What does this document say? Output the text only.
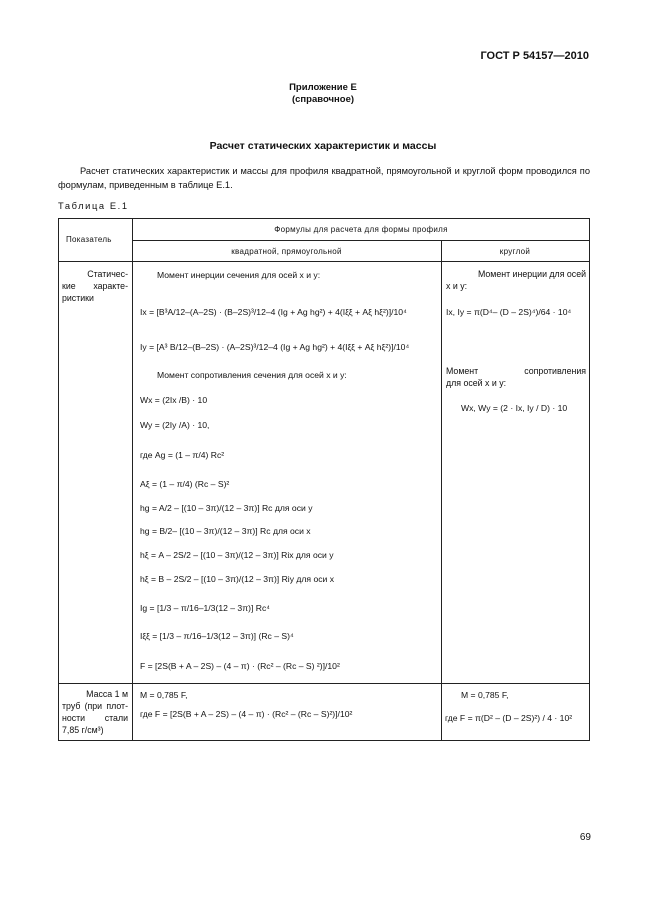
ГОСТ Р 54157—2010
Приложение Е
(справочное)
Расчет статических характеристик и массы
Расчет статических характеристик и массы для профиля квадратной, прямоугольной и круглой форм проводился по формулам, приведенным в таблице Е.1.
Таблица Е.1
Показатель
Формулы для расчета для формы профиля
квадратной, прямоугольной	круглой
Статичес-
кие характе-
ристики
Момент инерции сечения для осей x и y:
Ix = [B³A/12–(A–2S) · (B–2S)³/12–4 (Ig + Ag hg²) + 4(Iξξ + Aξ hξ²)]/10⁴
Iy = [A³ B/12–(B–2S) · (A–2S)³/12–4 (Ig + Ag hg²) + 4(Iξξ + Aξ hξ²)]/10⁴
Момент сопротивления сечения для осей x и y:
Wx = (2Ix /B) · 10
Wy = (2Iy /A) · 10,
где Ag = (1 – π/4) Rc²
Aξ = (1 – π/4) (Rc – S)²
hg = A/2 – [(10 – 3π)/(12 – 3π)] Rc для оси y
hg = B/2– [(10 – 3π)/(12 – 3π)] Rc для оси x
hξ = A – 2S/2 – [(10 – 3π)/(12 – 3π)] Rix для оси y
hξ = B – 2S/2 – [(10 – 3π)/(12 – 3π)] Riy для оси x
Ig = [1/3 – π/16–1/3(12 – 3π)] Rc⁴
Iξξ = [1/3 – π/16–1/3(12 – 3π)] (Rc – S)⁴
F = [2S(B + A – 2S) – (4 – π) · (Rc² – (Rc – S) ²)]/10²
Момент инерции для осей
x и y:
Ix, Iy = π(D⁴– (D – 2S)⁴)/64 · 10⁴
Момент сопротивления
для осей x и y:
Wx, Wy = (2 · Ix, Iy / D) · 10
Масса 1 м
труб (при плот-
ности стали
7,85 г/см³)
M = 0,785 F,
где F = [2S(B + A – 2S) – (4 – π) · (Rc² – (Rc – S)²)]/10²
M = 0,785 F,
где F = π(D² – (D – 2S)²) / 4 · 10²
69
